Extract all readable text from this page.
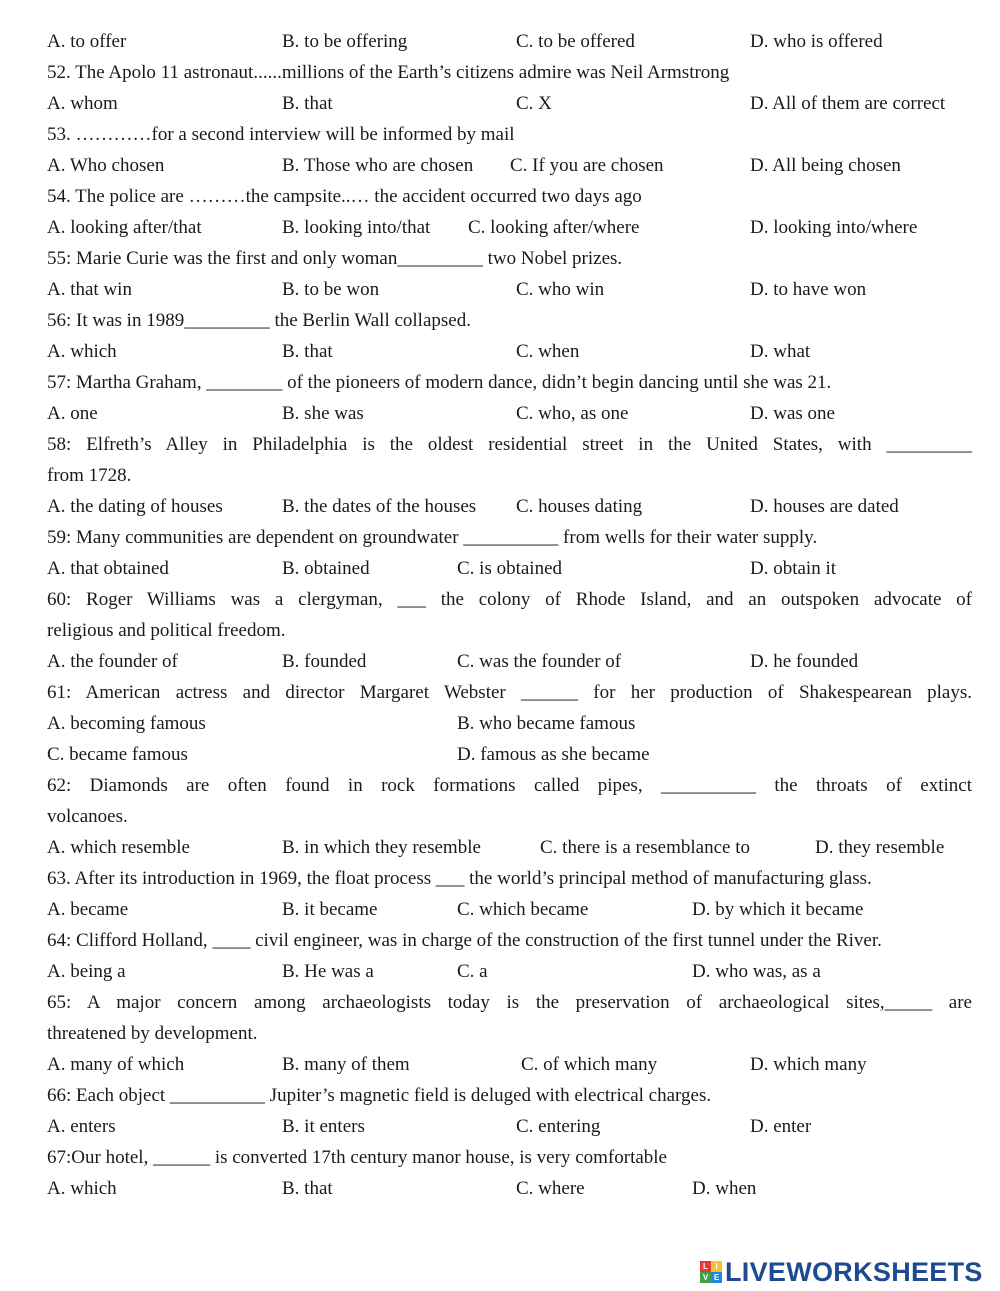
A. to offer	B. to be offering	C. to be offered	D. who is offered
52. The Apolo 11 astronaut......millions of the Earth’s citizens admire was Neil Armstrong
A. whom	B. that	C. X	D. All of them are correct
53. …………for a second interview will be informed by mail
A. Who chosen	B. Those who are chosen C. If you are chosen	D. All being chosen
54. The police are ………the campsite..… the accident occurred two days ago
A. looking after/that	B. looking into/that C. looking after/where	D. looking into/where
55: Marie Curie was the first and only woman_________ two Nobel prizes.
A. that win	B. to be won	C. who win	D. to have won
56: It was in 1989_________ the Berlin Wall collapsed.
A. which	B. that	C. when	D. what
57: Martha Graham, ________ of the pioneers of modern dance, didn’t begin dancing until she was 21.
A. one	B. she was	C. who, as one	D. was one
58: Elfreth’s Alley in Philadelphia is the oldest residential street in the United States, with _________
from 1728.
A. the dating of houses	B. the dates of the houses C. houses dating	D. houses are dated
59: Many communities are dependent on groundwater __________ from wells for their water supply.
A. that obtained	B. obtained	C. is obtained	D. obtain it
60: Roger Williams was a clergyman, ___ the colony of Rhode Island, and an outspoken advocate of
religious and political freedom.
A. the founder of	B. founded	C. was the founder of	D. he founded
61: American actress and director Margaret Webster ______ for her production of Shakespearean plays.
A. becoming famous	B. who became famous
C. became famous	D. famous as she became
62: Diamonds are often found in rock formations called pipes, __________ the throats of extinct
volcanoes.
A. which resemble	B. in which they resemble	C. there is a resemblance to	D. they resemble
63. After its introduction in 1969, the float process ___ the world’s principal method of manufacturing glass.
A. became	B. it became	C. which became	D. by which it became
64: Clifford Holland, ____ civil engineer, was in charge of the construction of the first tunnel under the River.
A. being a	B. He was a	C. a	D. who was, as a
65: A major concern among archaeologists today is the preservation of archaeological sites,_____ are
threatened by development.
A. many of which	B. many of them	C. of which many	D. which many
66: Each object __________ Jupiter’s magnetic field is deluged with electrical charges.
A. enters	B. it enters	C. entering	D. enter
67:Our hotel, ______ is converted 17th century manor house, is very comfortable
A. which	B. that	C. where	D. when
L I
V E LIVEWORKSHEETS
